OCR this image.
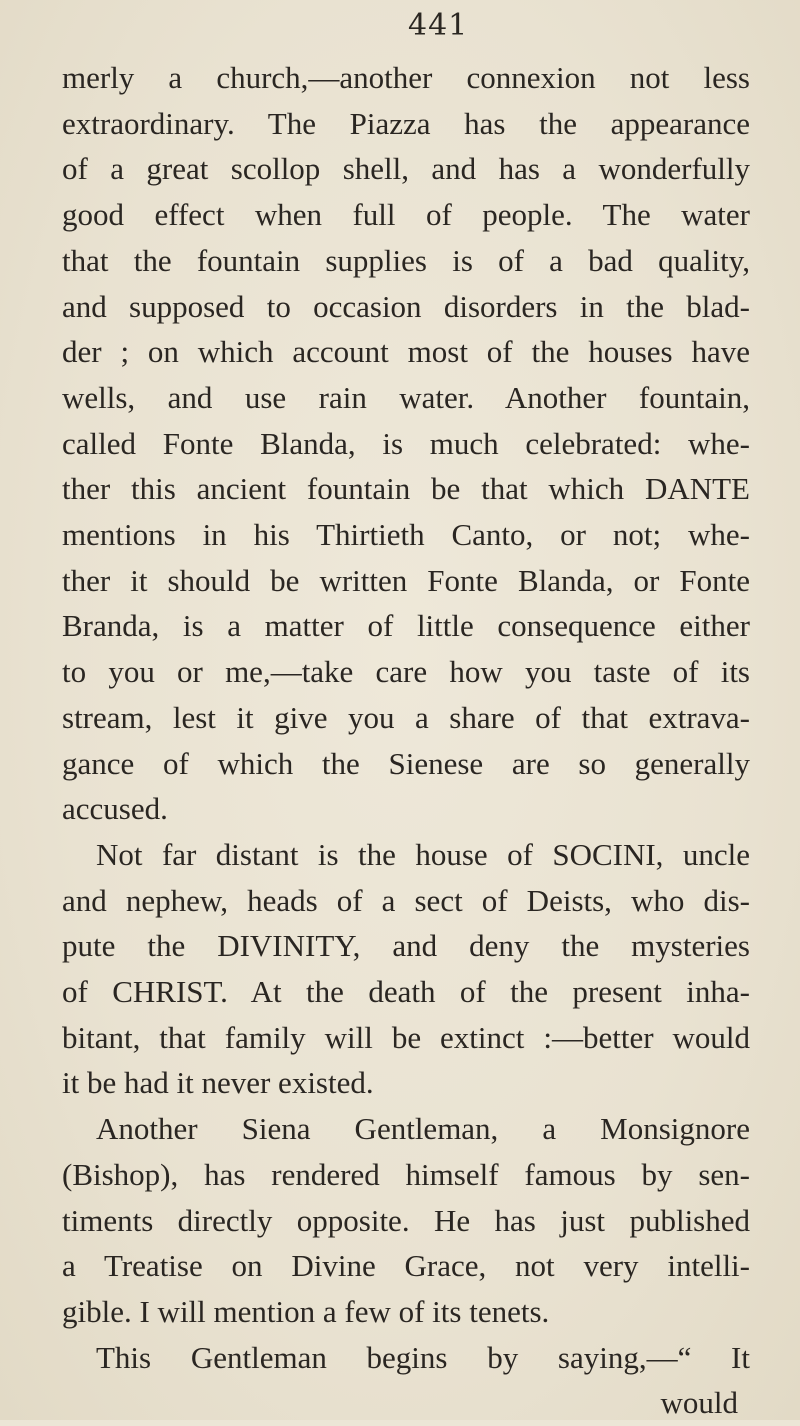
441
merly a church,—another connexion not less
extraordinary. The Piazza has the appearance
of a great scollop shell, and has a wonderfully
good effect when full of people. The water
that the fountain supplies is of a bad quality,
and supposed to occasion disorders in the blad-
der ; on which account most of the houses have
wells, and use rain water. Another fountain,
called Fonte Blanda, is much celebrated: whe-
ther this ancient fountain be that which DANTE
mentions in his Thirtieth Canto, or not; whe-
ther it should be written Fonte Blanda, or Fonte
Branda, is a matter of little consequence either
to you or me,—take care how you taste of its
stream, lest it give you a share of that extrava-
gance of which the Sienese are so generally
accused.
Not far distant is the house of SOCINI, uncle
and nephew, heads of a sect of Deists, who dis-
pute the DIVINITY, and deny the mysteries
of CHRIST. At the death of the present inha-
bitant, that family will be extinct :—better would
it be had it never existed.
Another Siena Gentleman, a Monsignore
(Bishop), has rendered himself famous by sen-
timents directly opposite. He has just published
a Treatise on Divine Grace, not very intelli-
gible. I will mention a few of its tenets.
This Gentleman begins by saying,—“ It
would
